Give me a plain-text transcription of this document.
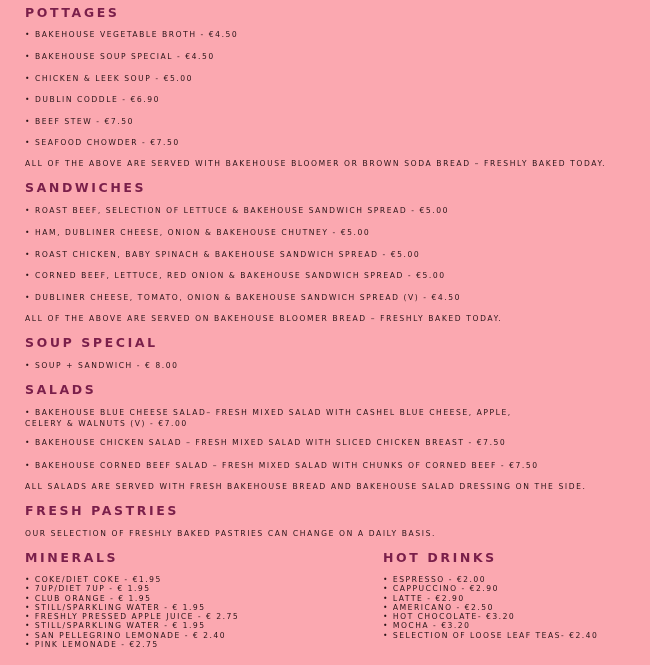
POTTAGES
• BAKEHOUSE VEGETABLE BROTH - €4.50
• BAKEHOUSE SOUP SPECIAL - €4.50
• CHICKEN & LEEK SOUP - €5.00
• DUBLIN CODDLE - €6.90
• BEEF STEW - €7.50
• SEAFOOD CHOWDER - €7.50
ALL OF THE ABOVE ARE SERVED WITH BAKEHOUSE BLOOMER OR BROWN SODA BREAD – FRESHLY BAKED TODAY.
SANDWICHES
• ROAST BEEF, SELECTION OF LETTUCE & BAKEHOUSE SANDWICH SPREAD - €5.00
• HAM, DUBLINER CHEESE, ONION & BAKEHOUSE CHUTNEY - €5.00
• ROAST CHICKEN, BABY SPINACH & BAKEHOUSE SANDWICH SPREAD - €5.00
• CORNED BEEF, LETTUCE, RED ONION & BAKEHOUSE SANDWICH SPREAD - €5.00
• DUBLINER CHEESE, TOMATO, ONION & BAKEHOUSE SANDWICH SPREAD (V) - €4.50
ALL OF THE ABOVE ARE SERVED ON BAKEHOUSE BLOOMER BREAD – FRESHLY BAKED TODAY.
SOUP SPECIAL
• SOUP + SANDWICH - € 8.00
SALADS
• BAKEHOUSE BLUE CHEESE SALAD– FRESH MIXED SALAD WITH CASHEL BLUE CHEESE, APPLE,
CELERY & WALNUTS (V) - €7.00
• BAKEHOUSE CHICKEN SALAD – FRESH MIXED SALAD WITH SLICED CHICKEN BREAST - €7.50
• BAKEHOUSE CORNED BEEF SALAD – FRESH MIXED SALAD WITH CHUNKS OF CORNED BEEF - €7.50
ALL SALADS ARE SERVED WITH FRESH BAKEHOUSE BREAD AND BAKEHOUSE SALAD DRESSING ON THE SIDE.
FRESH PASTRIES
OUR SELECTION OF FRESHLY BAKED PASTRIES CAN CHANGE ON A DAILY BASIS.
MINERALS
• COKE/DIET COKE - €1.95
• 7UP/DIET 7UP - € 1.95
• CLUB ORANGE - € 1.95
• STILL/SPARKLING WATER - € 1.95
• FRESHLY PRESSED APPLE JUICE - € 2.75
• STILL/SPARKLING WATER - € 1.95
• SAN PELLEGRINO LEMONADE - € 2.40
• PINK LEMONADE - €2.75
HOT DRINKS
• ESPRESSO - €2.00
• CAPPUCCINO - €2.90
• LATTE - €2.90
• AMERICANO - €2.50
• HOT CHOCOLATE- €3.20
• MOCHA - €3.20
• SELECTION OF LOOSE LEAF TEAS- €2.40
